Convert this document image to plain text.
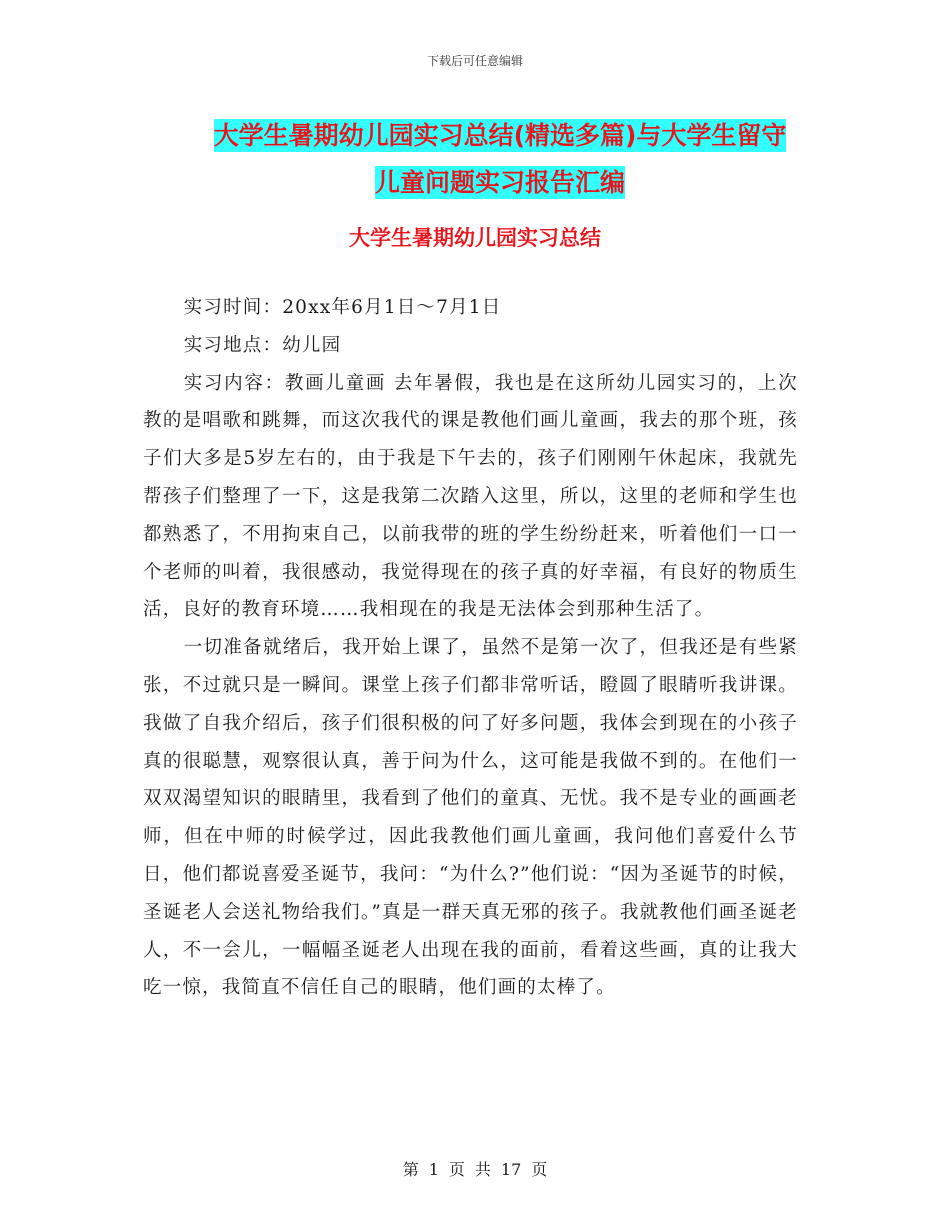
下载后可任意编辑
大学生暑期幼儿园实习总结(精选多篇)与大学生留守
儿童问题实习报告汇编
大学生暑期幼儿园实习总结

实习时间：20xx年6月1日～7月1日

实习地点：幼儿园

实习内容：教画儿童画 去年暑假，我也是在这所幼儿园实习的，上次教的是唱歌和跳舞，而这次我代的课是教他们画儿童画，我去的那个班，孩子们大多是5岁左右的，由于我是下午去的，孩子们刚刚午休起床，我就先帮孩子们整理了一下，这是我第二次踏入这里，所以，这里的老师和学生也都熟悉了，不用拘束自己，以前我带的班的学生纷纷赶来，听着他们一口一个老师的叫着，我很感动，我觉得现在的孩子真的好幸福，有良好的物质生活，良好的教育环境……我相现在的我是无法体会到那种生活了。

一切准备就绪后，我开始上课了，虽然不是第一次了，但我还是有些紧张，不过就只是一瞬间。课堂上孩子们都非常听话，瞪圆了眼睛听我讲课。我做了自我介绍后，孩子们很积极的问了好多问题，我体会到现在的小孩子真的很聪慧，观察很认真，善于问为什么，这可能是我做不到的。在他们一双双渴望知识的眼睛里，我看到了他们的童真、无忧。我不是专业的画画老师，但在中师的时候学过，因此我教他们画儿童画，我问他们喜爱什么节日，他们都说喜爱圣诞节，我问：“为什么?”他们说：“因为圣诞节的时候，圣诞老人会送礼物给我们。”真是一群天真无邪的孩子。我就教他们画圣诞老人，不一会儿，一幅幅圣诞老人出现在我的面前，看着这些画，真的让我大吃一惊，我简直不信任自己的眼睛，他们画的太棒了。

第 1 页 共 17 页
